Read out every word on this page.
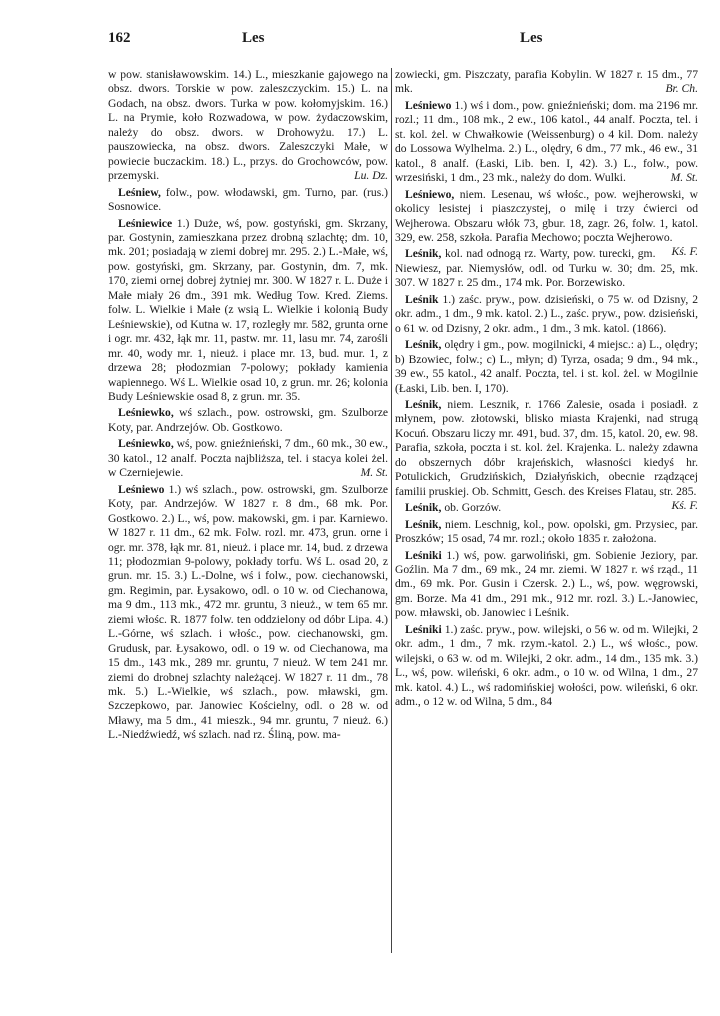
162	Les	Les

w pow. stanisławowskim. 14.) L., mieszkanie gajowego na obsz. dwors. Torskie w pow. zaleszczyckim. 15.) L. na Godach, na obsz. dwors. Turka w pow. kołomyjskim. 16.) L. na Prymie, koło Rozwadowa, w pow. żydaczowskim, należy do obsz. dwors. w Drohowyżu. 17.) L. pauszowiecka, na obsz. dwors. Zaleszczyki Małe, w powiecie buczackim. 18.) L., przys. do Grochowców, pow. przemyski.	Lu. Dz.

Leśniew, folw., pow. włodawski, gm. Turno, par. (rus.) Sosnowice.

Leśniewice 1.) Duże, wś, pow. gostyński, gm. Skrzany, par. Gostynin, zamieszkana przez drobną szlachtę; dm. 10, mk. 201; posiadają w ziemi dobrej mr. 295. 2.) L.-Małe, wś, pow. gostyński, gm. Skrzany, par. Gostynin, dm. 7, mk. 170, ziemi ornej dobrej żytniej mr. 300. W 1827 r. L. Duże i Małe miały 26 dm., 391 mk. Według Tow. Kred. Ziems. folw. L. Wielkie i Małe (z wsią L. Wielkie i kolonią Budy Leśniewskie), od Kutna w. 17, rozległy mr. 582, grunta orne i ogr. mr. 432, łąk mr. 11, pastw. mr. 11, lasu mr. 74, zarośli mr. 40, wody mr. 1, nieuż. i place mr. 13, bud. mur. 1, z drzewa 28; płodozmian 7-polowy; pokłady kamienia wapiennego. Wś L. Wielkie osad 10, z grun. mr. 26; kolonia Budy Leśniewskie osad 8, z grun. mr. 35.

Leśniewko, wś szlach., pow. ostrowski, gm. Szulborze Koty, par. Andrzejów. Ob. Gostkowo.

Leśniewko, wś, pow. gnieźnieński, 7 dm., 60 mk., 30 ew., 30 katol., 12 analf. Poczta najbliższa, tel. i stacya kolei żel. w Czerniejewie.	M. St.

Leśniewo 1.) wś szlach., pow. ostrowski, gm. Szulborze Koty, par. Andrzejów. W 1827 r. 8 dm., 68 mk. Por. Gostkowo. 2.) L., wś, pow. makowski, gm. i par. Karniewo. W 1827 r. 11 dm., 62 mk. Folw. rozl. mr. 473, grun. orne i ogr. mr. 378, łąk mr. 81, nieuż. i place mr. 14, bud. z drzewa 11; płodozmian 9-polowy, pokłady torfu. Wś L. osad 20, z grun. mr. 15. 3.) L.-Dolne, wś i folw., pow. ciechanowski, gm. Regimin, par. Łysakowo, odl. o 10 w. od Ciechanowa, ma 9 dm., 113 mk., 472 mr. gruntu, 3 nieuż., w tem 65 mr. ziemi włośc. R. 1877 folw. ten oddzielony od dóbr Lipa. 4.) L.-Górne, wś szlach. i włośc., pow. ciechanowski, gm. Grudusk, par. Łysakowo, odl. o 19 w. od Ciechanowa, ma 15 dm., 143 mk., 289 mr. gruntu, 7 nieuż. W tem 241 mr. ziemi do drobnej szlachty należącej. W 1827 r. 11 dm., 78 mk. 5.) L.-Wielkie, wś szlach., pow. mławski, gm. Szczepkowo, par. Janowiec Kościelny, odl. o 28 w. od Mławy, ma 5 dm., 41 mieszk., 94 mr. gruntu, 7 nieuż. 6.) L.-Niedźwiedź, wś szlach. nad rz. Śliną, pow. ma-

zowiecki, gm. Piszczaty, parafia Kobylin. W 1827 r. 15 dm., 77 mk.	Br. Ch.

Leśniewo 1.) wś i dom., pow. gnieźnieński; dom. ma 2196 mr. rozl.; 11 dm., 108 mk., 2 ew., 106 katol., 44 analf. Poczta, tel. i st. kol. żel. w Chwałkowie (Weissenburg) o 4 kil. Dom. należy do Lossowa Wylhelma. 2.) L., olędry, 6 dm., 77 mk., 46 ew., 31 katol., 8 analf. (Łaski, Lib. ben. I, 42). 3.) L., folw., pow. wrzesiński, 1 dm., 23 mk., należy do dom. Wulki.	M. St.

Leśniewo, niem. Lesenau, wś włośc., pow. wejherowski, w okolicy lesistej i piaszczystej, o milę i trzy ćwierci od Wejherowa. Obszaru włók 73, gbur. 18, zagr. 26, folw. 1, katol. 329, ew. 258, szkoła. Parafia Mechowo; poczta Wejherowo.
Kś. F.

Leśnik, kol. nad odnogą rz. Warty, pow. turecki, gm. Niewiesz, par. Niemysłów, odl. od Turku w. 30; dm. 25, mk. 307. W 1827 r. 25 dm., 174 mk. Por. Borzewisko.

Leśnik 1.) zaśc. pryw., pow. dzisieński, o 75 w. od Dzisny, 2 okr. adm., 1 dm., 9 mk. katol. 2.) L., zaśc. pryw., pow. dzisieński, o 61 w. od Dzisny, 2 okr. adm., 1 dm., 3 mk. katol. (1866).

Leśnik, olędry i gm., pow. mogilnicki, 4 miejsc.: a) L., olędry; b) Bzowiec, folw.; c) L., młyn; d) Tyrza, osada; 9 dm., 94 mk., 39 ew., 55 katol., 42 analf. Poczta, tel. i st. kol. żel. w Mogilnie (Łaski, Lib. ben. I, 170).

Leśnik, niem. Lesznik, r. 1766 Zalesie, osada i posiadł. z młynem, pow. złotowski, blisko miasta Krajenki, nad strugą Kocuń. Obszaru liczy mr. 491, bud. 37, dm. 15, katol. 20, ew. 98. Parafia, szkoła, poczta i st. kol. żel. Krajenka. L. należy zdawna do obszernych dóbr krajeńskich, własności kiedyś hr. Potulickich, Grudzińskich, Działyńskich, obecnie rządzącej familii pruskiej. Ob. Schmitt, Gesch. des Kreises Flatau, str. 285.
Kś. F.

Leśnik, ob. Gorzów.

Leśnik, niem. Leschnig, kol., pow. opolski, gm. Przysiec, par. Proszków; 15 osad, 74 mr. rozl.; około 1835 r. założona.

Leśniki 1.) wś, pow. garwoliński, gm. Sobienie Jeziory, par. Goźlin. Ma 7 dm., 69 mk., 24 mr. ziemi. W 1827 r. wś rząd., 11 dm., 69 mk. Por. Gusin i Czersk. 2.) L., wś, pow. węgrowski, gm. Borze. Ma 41 dm., 291 mk., 912 mr. rozl. 3.) L.-Janowiec, pow. mławski, ob. Janowiec i Leśnik.

Leśniki 1.) zaśc. pryw., pow. wilejski, o 56 w. od m. Wilejki, 2 okr. adm., 1 dm., 7 mk. rzym.-katol. 2.) L., wś włośc., pow. wilejski, o 63 w. od m. Wilejki, 2 okr. adm., 14 dm., 135 mk. 3.) L., wś, pow. wileński, 6 okr. adm., o 10 w. od Wilna, 1 dm., 27 mk. katol. 4.) L., wś radomińskiej wołości, pow. wileński, 6 okr. adm., o 12 w. od Wilna, 5 dm., 84
